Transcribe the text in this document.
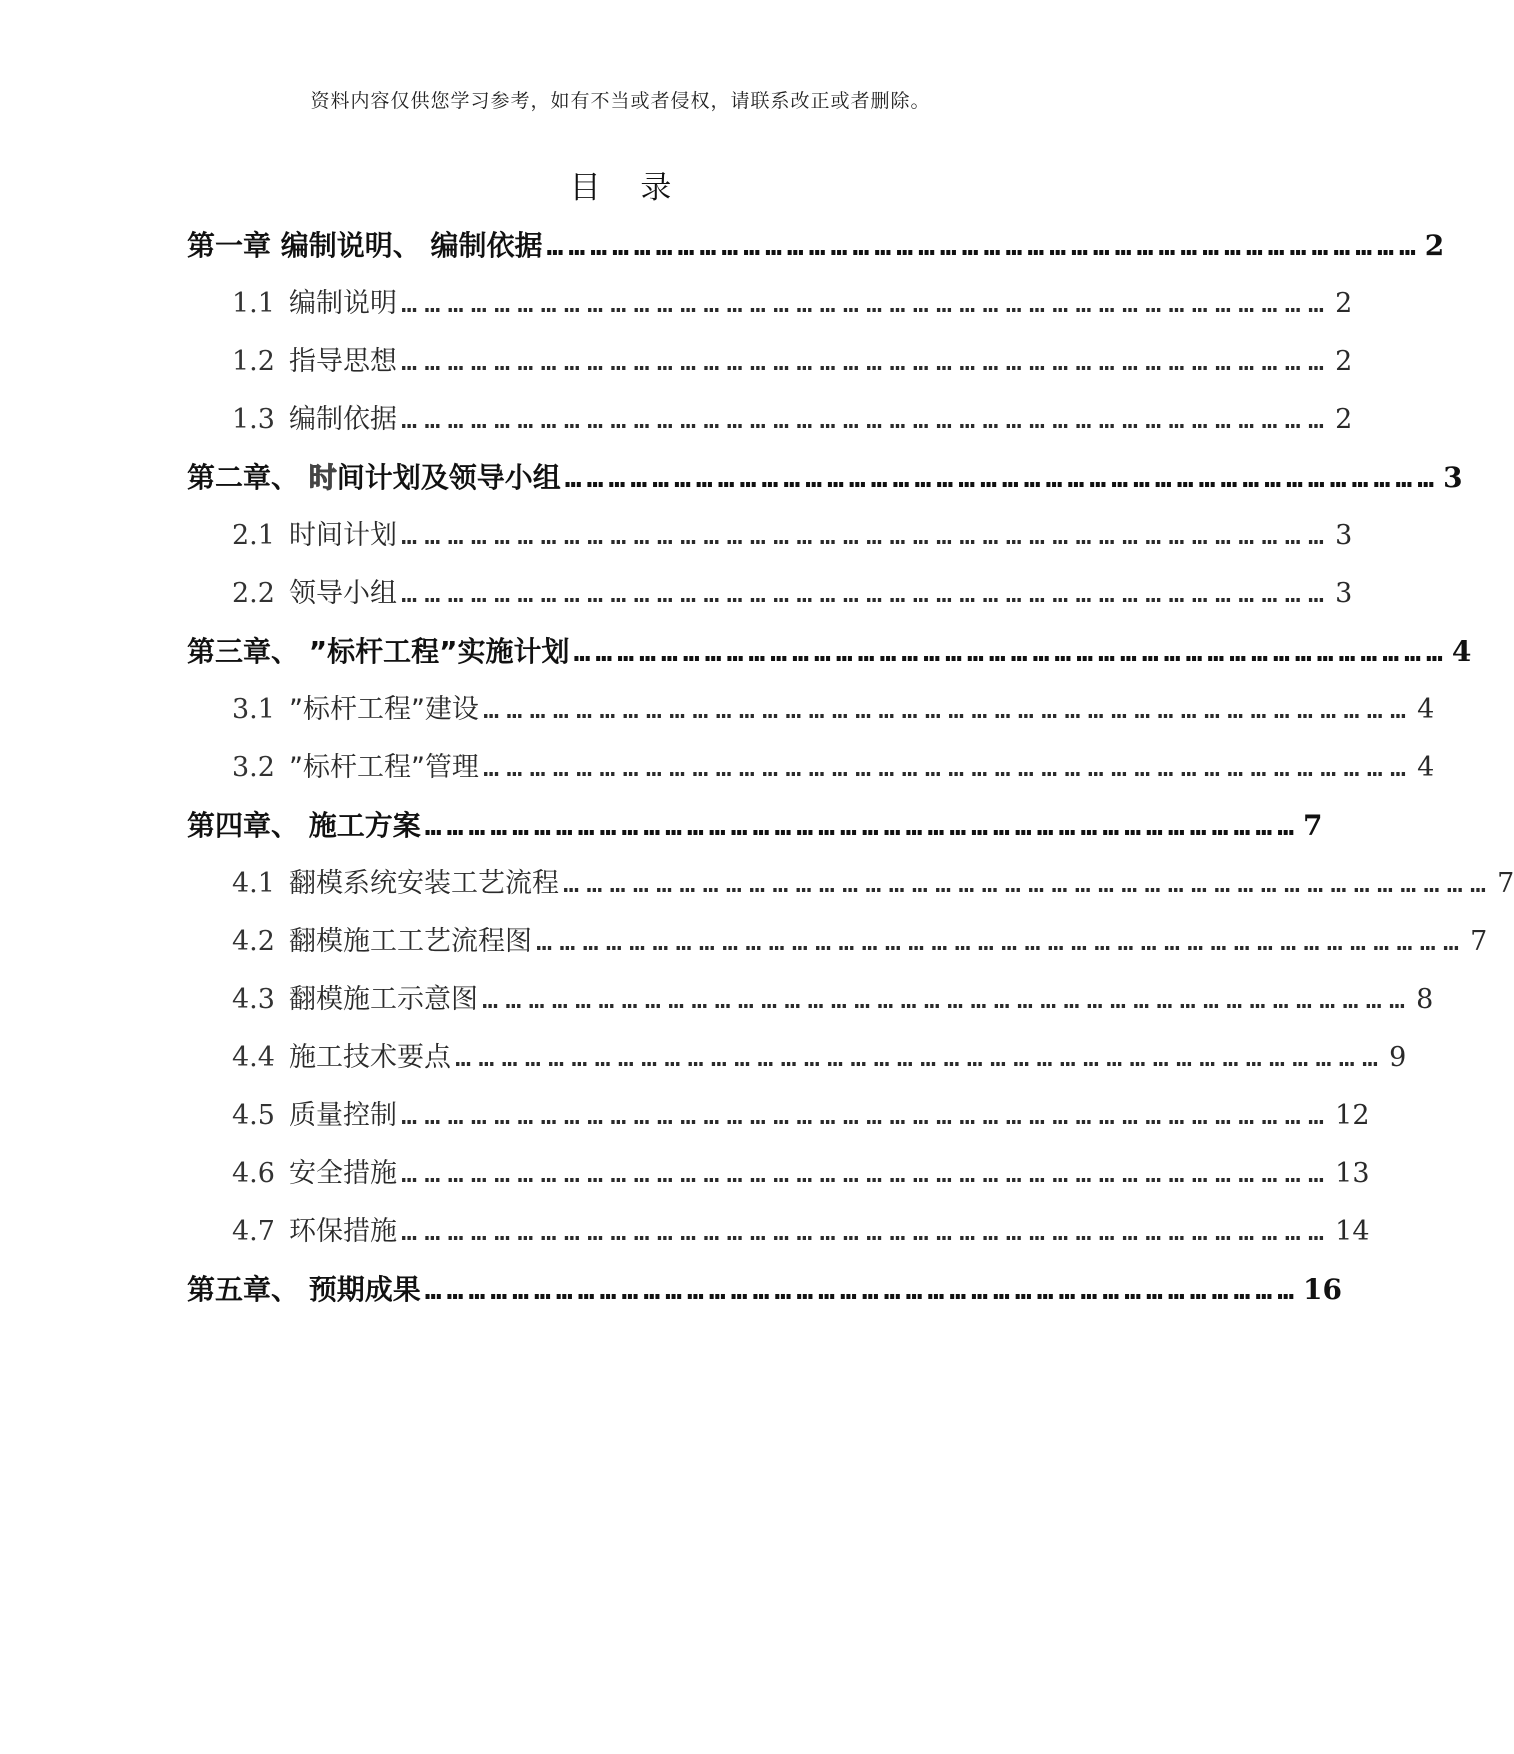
资料内容仅供您学习参考，如有不当或者侵权，请联系改正或者删除。
目 录
第一章 编制说明、 编制依据 ………………………………………………………………………………………………………… 2
1.1 编制说明 ………………………………………………………………………………………………………… 2
1.2 指导思想 ………………………………………………………………………………………………………… 2
1.3 编制依据 ………………………………………………………………………………………………………… 2
第二章、 时间计划及领导小组 ………………………………………………………………………………………………………… 3
2.1 时间计划 ………………………………………………………………………………………………………… 3
2.2 领导小组 ………………………………………………………………………………………………………… 3
第三章、 ”标杆工程”实施计划 ………………………………………………………………………………………………………… 4
3.1 ”标杆工程”建设 ………………………………………………………………………………………………………… 4
3.2 ”标杆工程”管理 ………………………………………………………………………………………………………… 4
第四章、 施工方案 ………………………………………………………………………………………………………… 7
4.1 翻模系统安装工艺流程 ………………………………………………………………………………………………………… 7
4.2 翻模施工工艺流程图 ………………………………………………………………………………………………………… 7
4.3 翻模施工示意图 ………………………………………………………………………………………………………… 8
4.4 施工技术要点 ………………………………………………………………………………………………………… 9
4.5 质量控制 ………………………………………………………………………………………………………… 12
4.6 安全措施 ………………………………………………………………………………………………………… 13
4.7 环保措施 ………………………………………………………………………………………………………… 14
第五章、 预期成果 ………………………………………………………………………………………………………… 16
